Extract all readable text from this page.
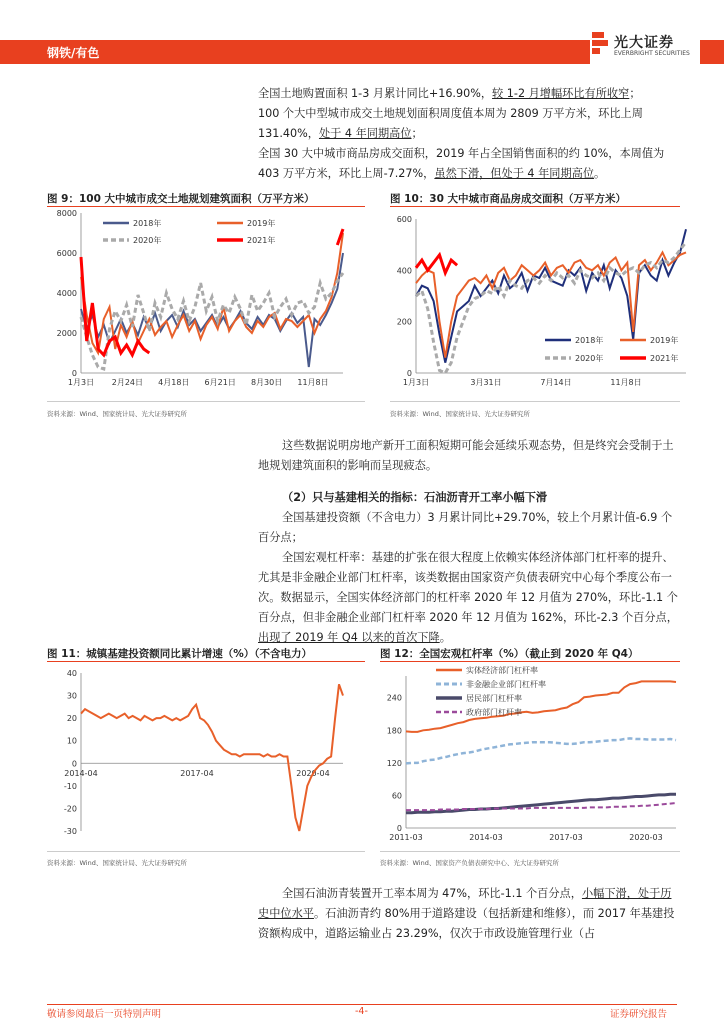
钢铁/有色
光大证券
EVERBRIGHT SECURITIES
全国土地购置面积 1-3 月累计同比+16.90%，较 1-2 月增幅环比有所收窄；
100 个大中型城市成交土地规划面积周度值本周为 2809 万平方米，环比上周 131.40%，处于 4 年同期高位；
全国 30 大中城市商品房成交面积，2019 年占全国销售面积的约 10%，本周值为 403 万平方米，环比上周-7.27%，虽然下滑，但处于 4 年同期高位。
图 9：100 大中城市成交土地规划建筑面积（万平方米）
0
2000
4000
6000
8000
1月3日 2月24日 4月18日 6月21日 8月30日 11月8日
2018年	2019年
2020年	2021年
资料来源：Wind、国家统计局、光大证券研究所
图 10：30 大中城市商品房成交面积（万平方米）
0
200
400
600
1月3日	3月31日	7月14日	11月8日
2018年	2019年
2020年	2021年
资料来源：Wind、国家统计局、光大证券研究所
这些数据说明房地产新开工面积短期可能会延续乐观态势，但是终究会受制于土地规划建筑面积的影响而呈现疲态。
（2）只与基建相关的指标：石油沥青开工率小幅下滑
全国基建投资额（不含电力）3 月累计同比+29.70%，较上个月累计值-6.9 个百分点；
全国宏观杠杆率：基建的扩张在很大程度上依赖实体经济体部门杠杆率的提升、尤其是非金融企业部门杠杆率，该类数据由国家资产负债表研究中心每个季度公布一次。数据显示，全国实体经济部门的杠杆率 2020 年 12 月值为 270%，环比-1.1 个百分点，但非金融企业部门杠杆率 2020 年 12 月值为 162%，环比-2.3 个百分点，出现了 2019 年 Q4 以来的首次下降。
图 11：城镇基建投资额同比累计增速（%）（不含电力）
-30
-20
-10
0
10
20
30
40
2014-04	2017-04	2020-04
资料来源：Wind、国家统计局、光大证券研究所
图 12：全国宏观杠杆率（%）（截止到 2020 年 Q4）
0
60
120
180
240
2011-03	2014-03	2017-03	2020-03
实体经济部门杠杆率
非金融企业部门杠杆率
居民部门杠杆率
政府部门杠杆率
资料来源：Wind、国家资产负债表研究中心、光大证券研究所
全国石油沥青装置开工率本周为 47%，环比-1.1 个百分点，小幅下滑，处于历史中位水平。石油沥青约 80%用于道路建设（包括新建和维修），而 2017 年基建投资额构成中，道路运输业占 23.29%，仅次于市政设施管理行业（占
敬请参阅最后一页特别声明	-4-	证券研究报告
